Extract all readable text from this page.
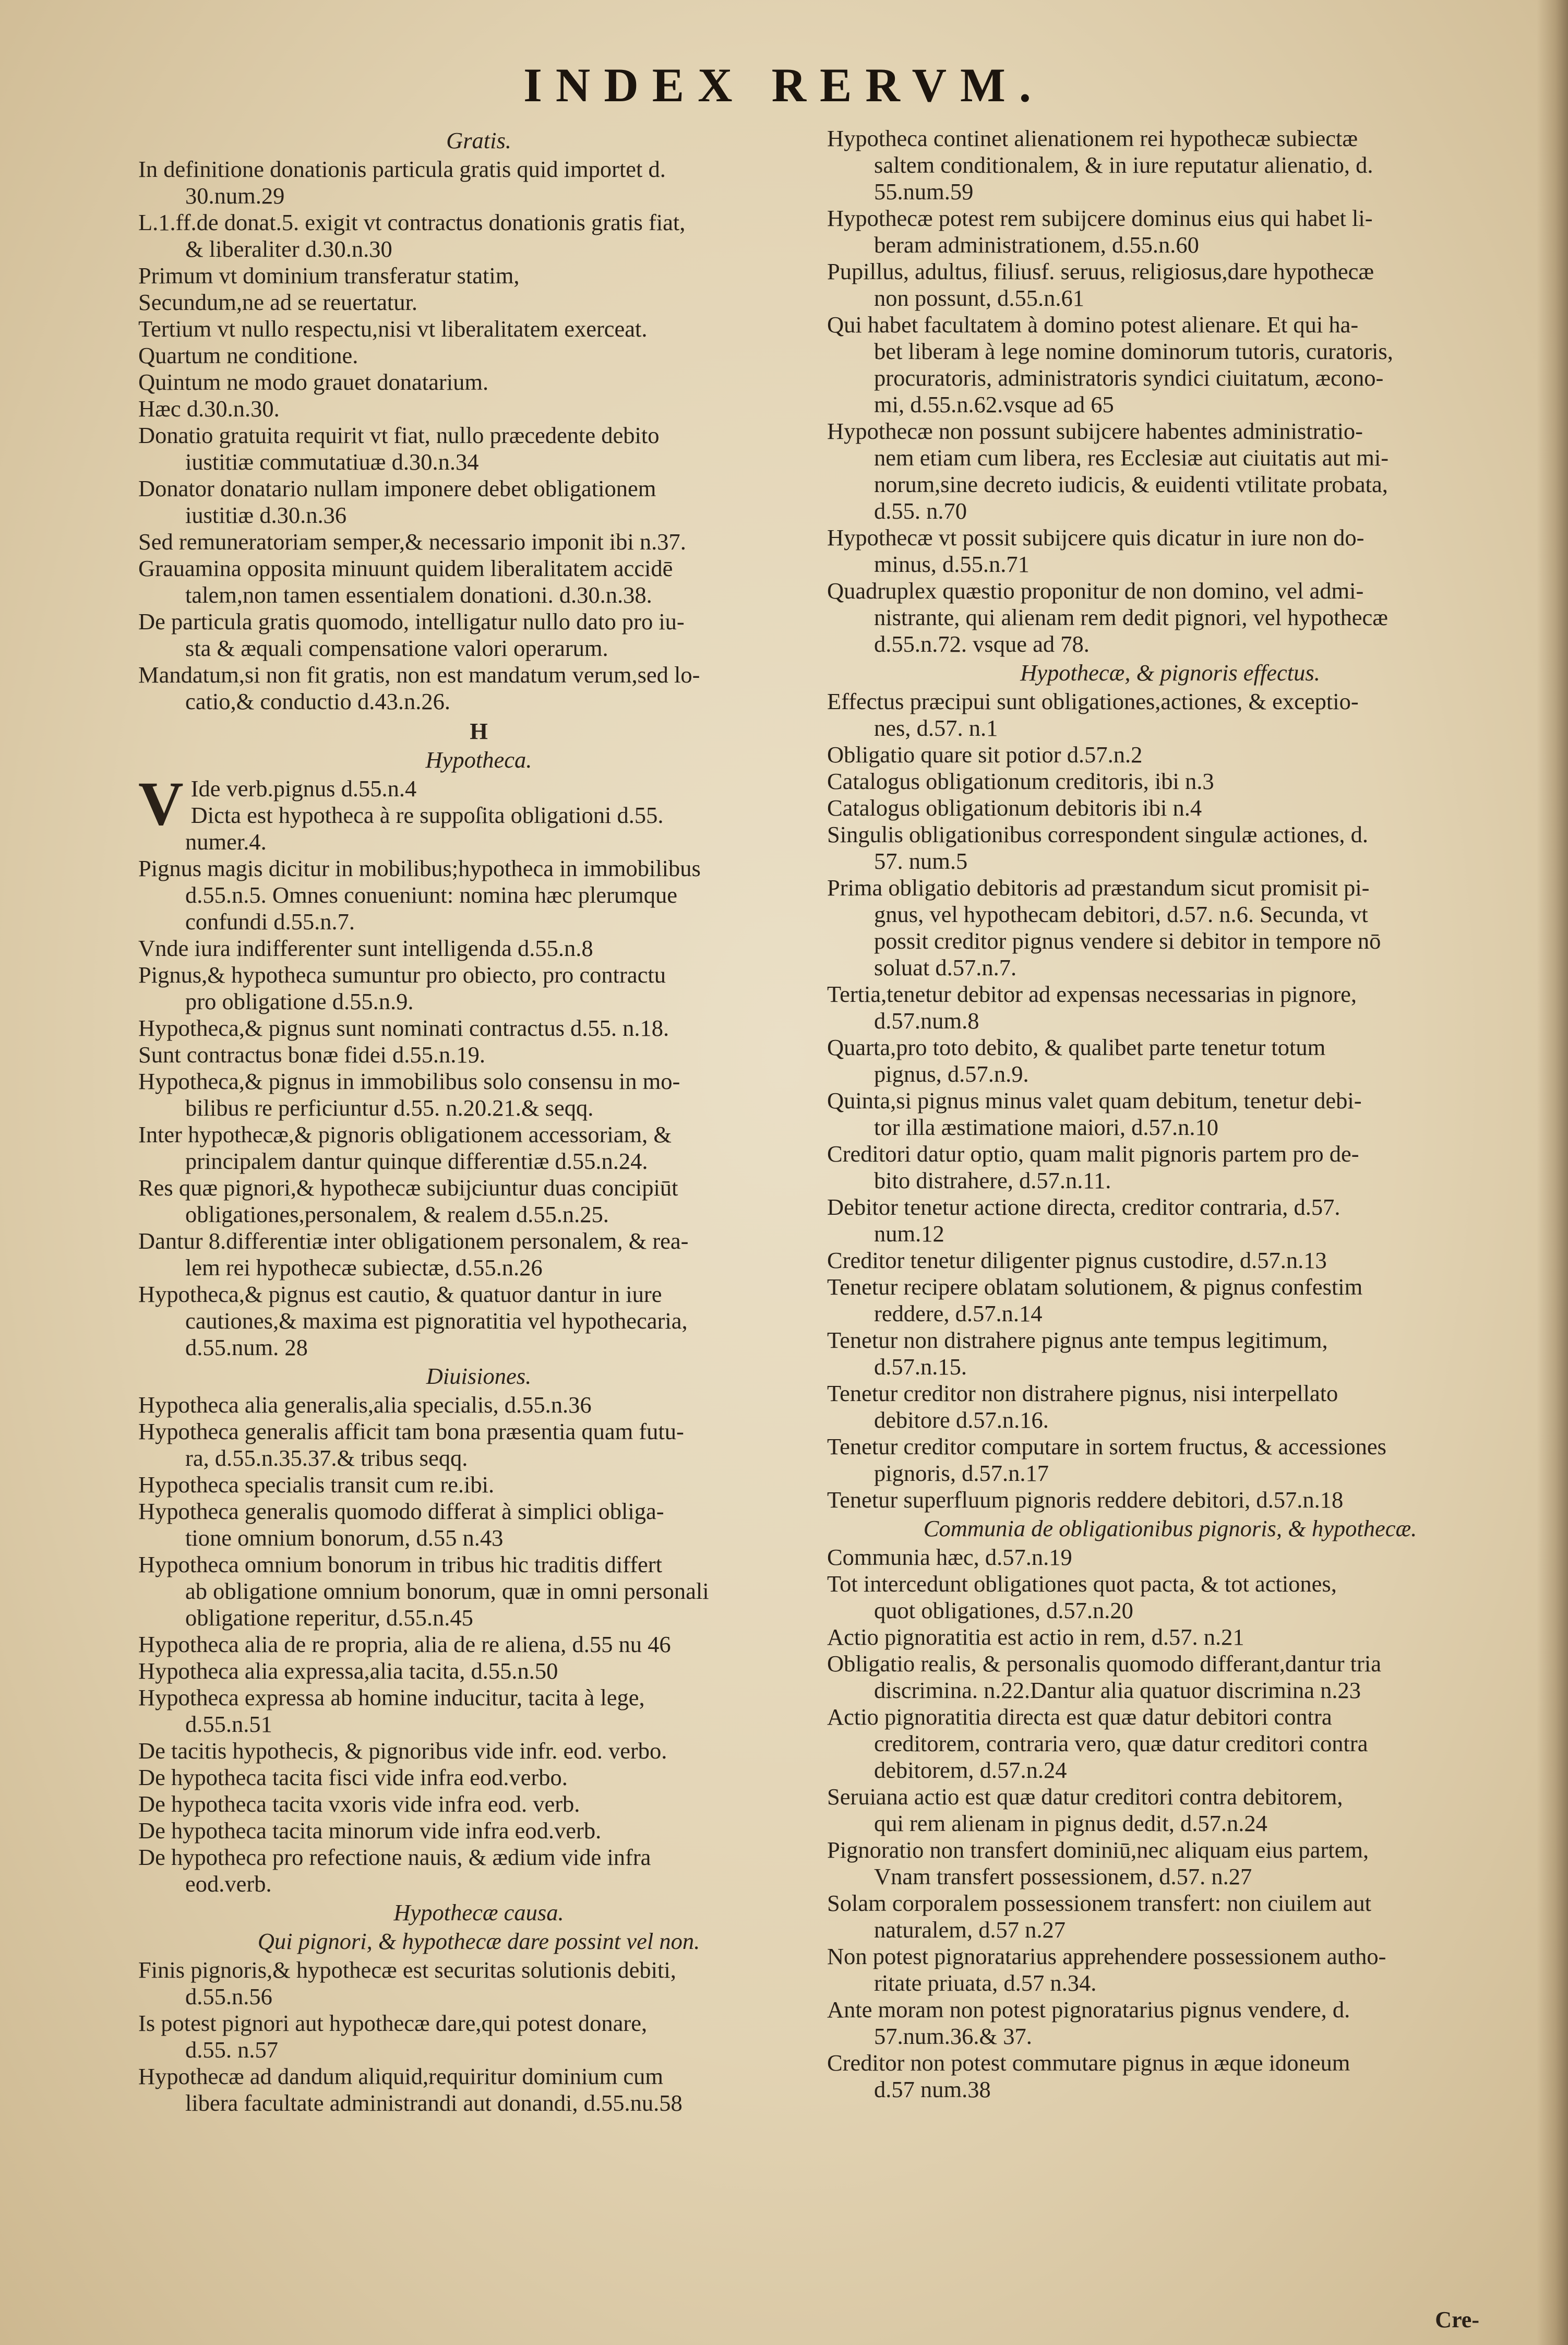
INDEX RERVM.
Gratis.
In definitione donationis particula gratis quid importet d.
30.num.29
L.1.ff.de donat.5. exigit vt contractus donationis gratis fiat,
& liberaliter d.30.n.30
Primum vt dominium transferatur statim,
Secundum,ne ad se reuertatur.
Tertium vt nullo respectu,nisi vt liberalitatem exerceat.
Quartum ne conditione.
Quintum ne modo grauet donatarium.
Hæc d.30.n.30.
Donatio gratuita requirit vt fiat, nullo præcedente debito
iustitiæ commutatiuæ d.30.n.34
Donator donatario nullam imponere debet obligationem
iustitiæ d.30.n.36
Sed remuneratoriam semper,& necessario imponit ibi n.37.
Grauamina opposita minuunt quidem liberalitatem accidē
talem,non tamen essentialem donationi. d.30.n.38.
De particula gratis quomodo, intelligatur nullo dato pro iu-
sta & æquali compensatione valori operarum.
Mandatum,si non fit gratis, non est mandatum verum,sed lo-
catio,& conductio d.43.n.26.
H
Hypotheca.
V Ide verb.pignus d.55.n.4
Dicta est hypotheca à re suppoſita obligationi d.55.
numer.4.
Pignus magis dicitur in mobilibus;hypotheca in immobilibus
d.55.n.5. Omnes conueniunt: nomina hæc plerumque
confundi d.55.n.7.
Vnde iura indifferenter sunt intelligenda d.55.n.8
Pignus,& hypotheca sumuntur pro obiecto, pro contractu
pro obligatione d.55.n.9.
Hypotheca,& pignus sunt nominati contractus d.55. n.18.
Sunt contractus bonæ fidei d.55.n.19.
Hypotheca,& pignus in immobilibus solo consensu in mo-
bilibus re perficiuntur d.55. n.20.21.& seqq.
Inter hypothecæ,& pignoris obligationem accessoriam, &
principalem dantur quinque differentiæ d.55.n.24.
Res quæ pignori,& hypothecæ subijciuntur duas concipiūt
obligationes,personalem, & realem d.55.n.25.
Dantur 8.differentiæ inter obligationem personalem, & rea-
lem rei hypothecæ subiectæ, d.55.n.26
Hypotheca,& pignus est cautio, & quatuor dantur in iure
cautiones,& maxima est pignoratitia vel hypothecaria,
d.55.num. 28
Diuisiones.
Hypotheca alia generalis,alia specialis, d.55.n.36
Hypotheca generalis afficit tam bona præsentia quam futu-
ra, d.55.n.35.37.& tribus seqq.
Hypotheca specialis transit cum re.ibi.
Hypotheca generalis quomodo differat à simplici obliga-
tione omnium bonorum, d.55 n.43
Hypotheca omnium bonorum in tribus hic traditis differt
ab obligatione omnium bonorum, quæ in omni personali
obligatione reperitur, d.55.n.45
Hypotheca alia de re propria, alia de re aliena, d.55 nu 46
Hypotheca alia expressa,alia tacita, d.55.n.50
Hypotheca expressa ab homine inducitur, tacita à lege,
d.55.n.51
De tacitis hypothecis, & pignoribus vide infr. eod. verbo.
De hypotheca tacita fisci vide infra eod.verbo.
De hypotheca tacita vxoris vide infra eod. verb.
De hypotheca tacita minorum vide infra eod.verb.
De hypotheca pro refectione nauis, & ædium vide infra
eod.verb.
Hypothecæ causa.
Qui pignori, & hypothecæ dare possint vel non.
Finis pignoris,& hypothecæ est securitas solutionis debiti,
d.55.n.56
Is potest pignori aut hypothecæ dare,qui potest donare,
d.55. n.57
Hypothecæ ad dandum aliquid,requiritur dominium cum
libera facultate administrandi aut donandi, d.55.nu.58
Hypotheca continet alienationem rei hypothecæ subiectæ
saltem conditionalem, & in iure reputatur alienatio, d.
55.num.59
Hypothecæ potest rem subijcere dominus eius qui habet li-
beram administrationem, d.55.n.60
Pupillus, adultus, filiusf. seruus, religiosus,dare hypothecæ
non possunt, d.55.n.61
Qui habet facultatem à domino potest alienare. Et qui ha-
bet liberam à lege nomine dominorum tutoris, curatoris,
procuratoris, administratoris syndici ciuitatum, æcono-
mi, d.55.n.62.vsque ad 65
Hypothecæ non possunt subijcere habentes administratio-
nem etiam cum libera, res Ecclesiæ aut ciuitatis aut mi-
norum,sine decreto iudicis, & euidenti vtilitate probata,
d.55. n.70
Hypothecæ vt possit subijcere quis dicatur in iure non do-
minus, d.55.n.71
Quadruplex quæstio proponitur de non domino, vel admi-
nistrante, qui alienam rem dedit pignori, vel hypothecæ
d.55.n.72. vsque ad 78.
Hypothecæ, & pignoris effectus.
Effectus præcipui sunt obligationes,actiones, & exceptio-
nes, d.57. n.1
Obligatio quare sit potior d.57.n.2
Catalogus obligationum creditoris, ibi n.3
Catalogus obligationum debitoris ibi n.4
Singulis obligationibus correspondent singulæ actiones, d.
57. num.5
Prima obligatio debitoris ad præstandum sicut promisit pi-
gnus, vel hypothecam debitori, d.57. n.6. Secunda, vt
possit creditor pignus vendere si debitor in tempore nō
soluat d.57.n.7.
Tertia,tenetur debitor ad expensas necessarias in pignore,
d.57.num.8
Quarta,pro toto debito, & qualibet parte tenetur totum
pignus, d.57.n.9.
Quinta,si pignus minus valet quam debitum, tenetur debi-
tor illa æstimatione maiori, d.57.n.10
Creditori datur optio, quam malit pignoris partem pro de-
bito distrahere, d.57.n.11.
Debitor tenetur actione directa, creditor contraria, d.57.
num.12
Creditor tenetur diligenter pignus custodire, d.57.n.13
Tenetur recipere oblatam solutionem, & pignus confestim
reddere, d.57.n.14
Tenetur non distrahere pignus ante tempus legitimum,
d.57.n.15.
Tenetur creditor non distrahere pignus, nisi interpellato
debitore d.57.n.16.
Tenetur creditor computare in sortem fructus, & accessiones
pignoris, d.57.n.17
Tenetur superfluum pignoris reddere debitori, d.57.n.18
Communia de obligationibus pignoris, & hypothecæ.
Communia hæc, d.57.n.19
Tot intercedunt obligationes quot pacta, & tot actiones,
quot obligationes, d.57.n.20
Actio pignoratitia est actio in rem, d.57. n.21
Obligatio realis, & personalis quomodo differant,dantur tria
discrimina. n.22.Dantur alia quatuor discrimina n.23
Actio pignoratitia directa est quæ datur debitori contra
creditorem, contraria vero, quæ datur creditori contra
debitorem, d.57.n.24
Seruiana actio est quæ datur creditori contra debitorem,
qui rem alienam in pignus dedit, d.57.n.24
Pignoratio non transfert dominiū,nec aliquam eius partem,
Vnam transfert possessionem, d.57. n.27
Solam corporalem possessionem transfert: non ciuilem aut
naturalem, d.57 n.27
Non potest pignoratarius apprehendere possessionem autho-
ritate priuata, d.57 n.34.
Ante moram non potest pignoratarius pignus vendere, d.
57.num.36.& 37.
Creditor non potest commutare pignus in æque idoneum
d.57 num.38
Cre-
